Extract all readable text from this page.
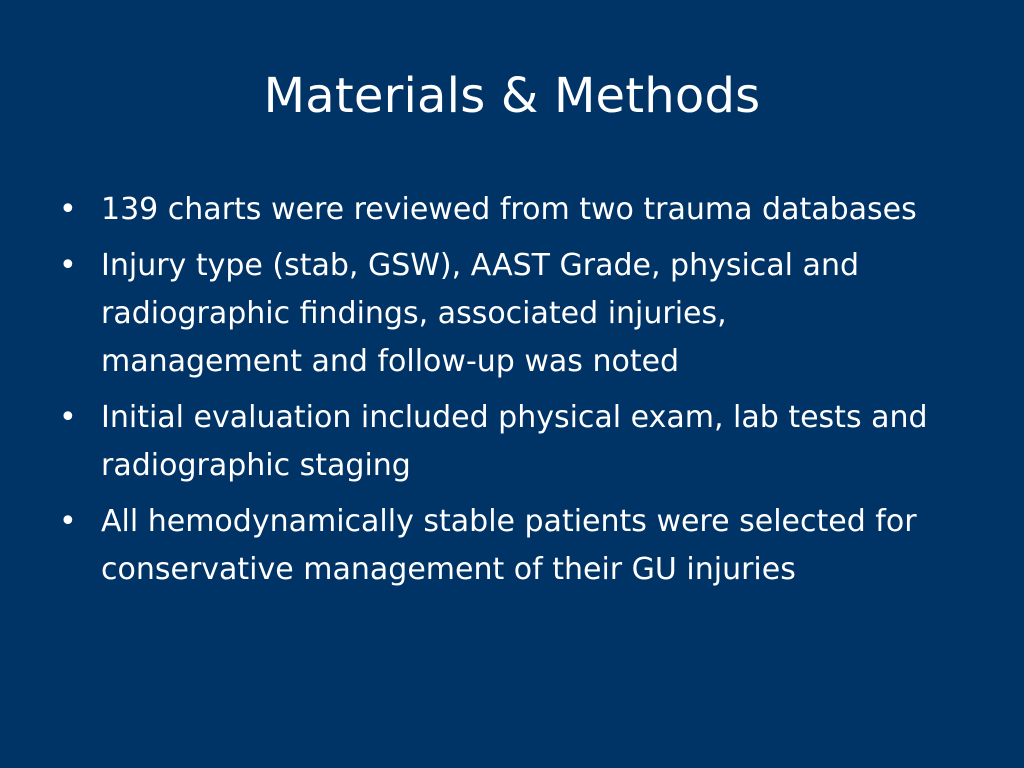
Materials & Methods
• 139 charts were reviewed from two trauma databases
• Injury type (stab, GSW), AAST Grade, physical and radiographic findings, associated injuries, management and follow-up was noted
• Initial evaluation included physical exam, lab tests and radiographic staging
• All hemodynamically stable patients were selected for conservative management of their GU injuries
